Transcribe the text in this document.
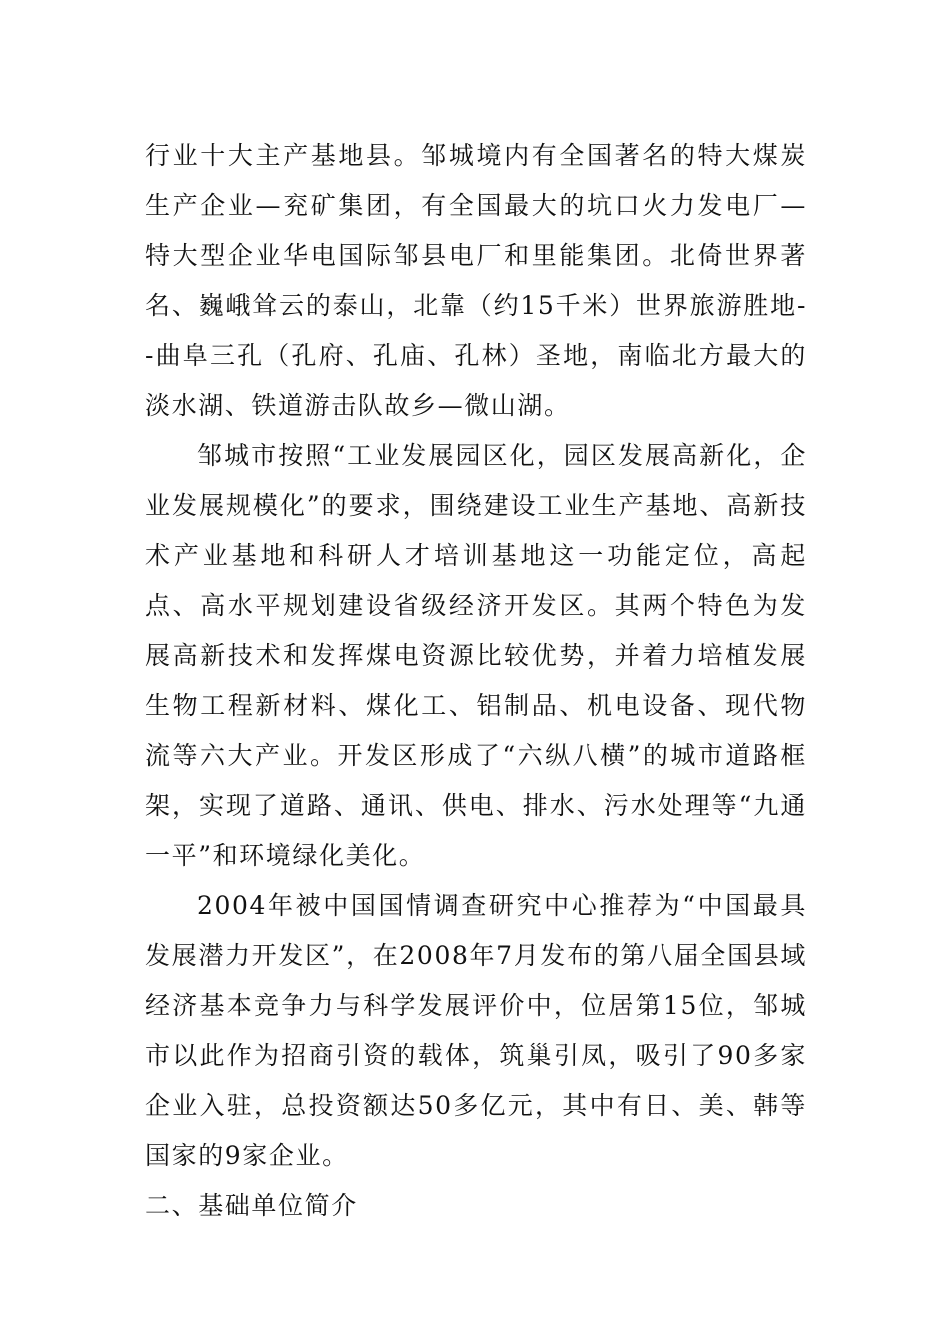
行业十大主产基地县。邹城境内有全国著名的特大煤炭生产企业—兖矿集团，有全国最大的坑口火力发电厂—特大型企业华电国际邹县电厂和里能集团。北倚世界著名、巍峨耸云的泰山，北靠（约15千米）世界旅游胜地--曲阜三孔（孔府、孔庙、孔林）圣地，南临北方最大的淡水湖、铁道游击队故乡—微山湖。

邹城市按照“工业发展园区化，园区发展高新化，企业发展规模化”的要求，围绕建设工业生产基地、高新技术产业基地和科研人才培训基地这一功能定位，高起点、高水平规划建设省级经济开发区。其两个特色为发展高新技术和发挥煤电资源比较优势，并着力培植发展生物工程新材料、煤化工、铝制品、机电设备、现代物流等六大产业。开发区形成了“六纵八横”的城市道路框架，实现了道路、通讯、供电、排水、污水处理等“九通一平”和环境绿化美化。

2004年被中国国情调查研究中心推荐为“中国最具发展潜力开发区”，在2008年7月发布的第八届全国县域经济基本竞争力与科学发展评价中，位居第15位，邹城市以此作为招商引资的载体，筑巢引凤，吸引了90多家企业入驻，总投资额达50多亿元，其中有日、美、韩等国家的9家企业。

二、基础单位简介
